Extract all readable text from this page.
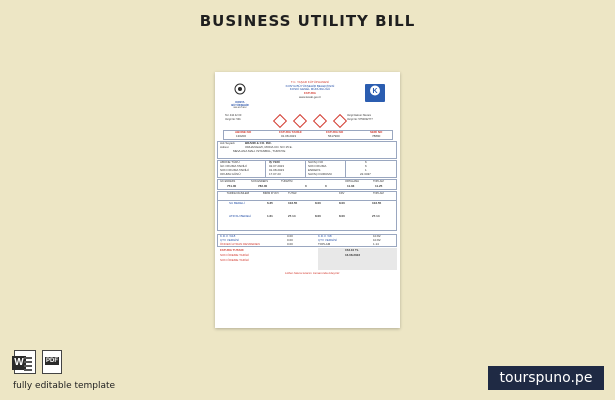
BUSINESS UTILITY BILL
KONYA
BÜYÜKŞEHİR
BELEDİYESİ
Tel: 444 42 00
Vergi No: 591
T.C. YAŞAR KÜTÜPHANESİ
KONYA BÜYÜKŞEHİR BELEDİYESİ
KOSKİ GENEL MÜDÜRLÜĞÜ
FATURA
www.koski.gov.tr
K
KOSKI
Vergi Dairesi: Meram
Vergi No: 5750032777
ABONE NO	FATURA TARİHİ	FATURA NO	SERİ NO
130200	01.08.2023	5617900	78890
Adı Soyadı	BRAND & CO. INC.
Adresi	ORHANGAZI, MODA CD. NO 15 E.
MEVLANA MAH. ISTANBUL, TURKIYE
ABONE TÜRÜ	İŞ YERİ	SAYAÇ NO	6
İLK OKUMA TARİHİ	02.07.2023	SON OKUMA	6
SON OKUMA TARİHİ	01.08.2023	ENDEKS	1
OKUMA GÜNÜ	17.07.23	SAYAÇ DURUMU	22.3437
İLK ENDEKS	SON ENDEKS	TÜKETİM	ORTALAMA	TOPLAM
751.00	782.00	0	0	11.03	11.25
TARİFE DİLİMLERİ	BİRİM FİYATI	TUTAR	KDV	TOPLAM
SU BEDELİ	6.35	103.55	8.00	8.00	103.55
ATIKSU BEDELİ	1.61	27.14	8.00	8.00	27.14
K.D.V. %18	0.00
ÇTV VERGİSİ	0.00
ÖNCEKİ AYDAN DEVREDEN	0.00
K.D.V. %8	10.82
ÇTV VERGİSİ	10.82
TOPLAM	1.14
FATURA TUTARI	153.10 TL
SON ÖDEME TARİHİ	16.08.2023
SON ÖDEME TARİHİ
Lütfen fatura tutarını zamanında ödeyiniz
W	PDF
fully editable template	tourspuno.pe
